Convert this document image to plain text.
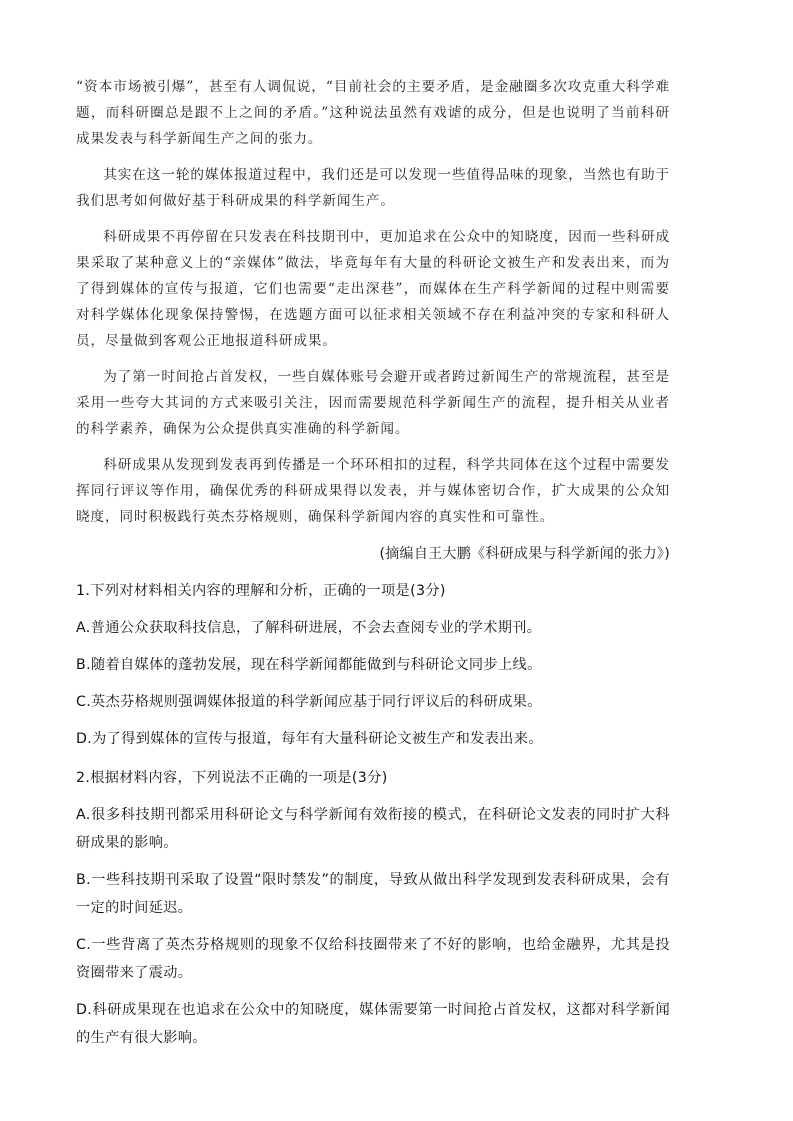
“资本市场被引爆”，甚至有人调侃说，“目前社会的主要矛盾，是金融圈多次攻克重大科学难题，而科研圈总是跟不上之间的矛盾。”这种说法虽然有戏谑的成分，但是也说明了当前科研成果发表与科学新闻生产之间的张力。

其实在这一轮的媒体报道过程中，我们还是可以发现一些值得品味的现象，当然也有助于我们思考如何做好基于科研成果的科学新闻生产。

科研成果不再停留在只发表在科技期刊中，更加追求在公众中的知晓度，因而一些科研成果采取了某种意义上的“亲媒体”做法，毕竟每年有大量的科研论文被生产和发表出来，而为了得到媒体的宣传与报道，它们也需要“走出深巷”，而媒体在生产科学新闻的过程中则需要对科学媒体化现象保持警惕，在选题方面可以征求相关领域不存在利益冲突的专家和科研人员，尽量做到客观公正地报道科研成果。

为了第一时间抢占首发权，一些自媒体账号会避开或者跨过新闻生产的常规流程，甚至是采用一些夸大其词的方式来吸引关注，因而需要规范科学新闻生产的流程，提升相关从业者的科学素养，确保为公众提供真实准确的科学新闻。

科研成果从发现到发表再到传播是一个环环相扣的过程，科学共同体在这个过程中需要发挥同行评议等作用，确保优秀的科研成果得以发表，并与媒体密切合作，扩大成果的公众知晓度，同时积极践行英杰芬格规则，确保科学新闻内容的真实性和可靠性。

(摘编自王大鹏《科研成果与科学新闻的张力》)

1.下列对材料相关内容的理解和分析，正确的一项是(3分)

A.普通公众获取科技信息，了解科研进展，不会去查阅专业的学术期刊。

B.随着自媒体的蓬勃发展，现在科学新闻都能做到与科研论文同步上线。

C.英杰芬格规则强调媒体报道的科学新闻应基于同行评议后的科研成果。

D.为了得到媒体的宣传与报道，每年有大量科研论文被生产和发表出来。

2.根据材料内容，下列说法不正确的一项是(3分)

A.很多科技期刊都采用科研论文与科学新闻有效衔接的模式，在科研论文发表的同时扩大科研成果的影响。

B.一些科技期刊采取了设置“限时禁发”的制度，导致从做出科学发现到发表科研成果，会有一定的时间延迟。

C.一些背离了英杰芬格规则的现象不仅给科技圈带来了不好的影响，也给金融界，尤其是投资圈带来了震动。

D.科研成果现在也追求在公众中的知晓度，媒体需要第一时间抢占首发权，这都对科学新闻的生产有很大影响。
